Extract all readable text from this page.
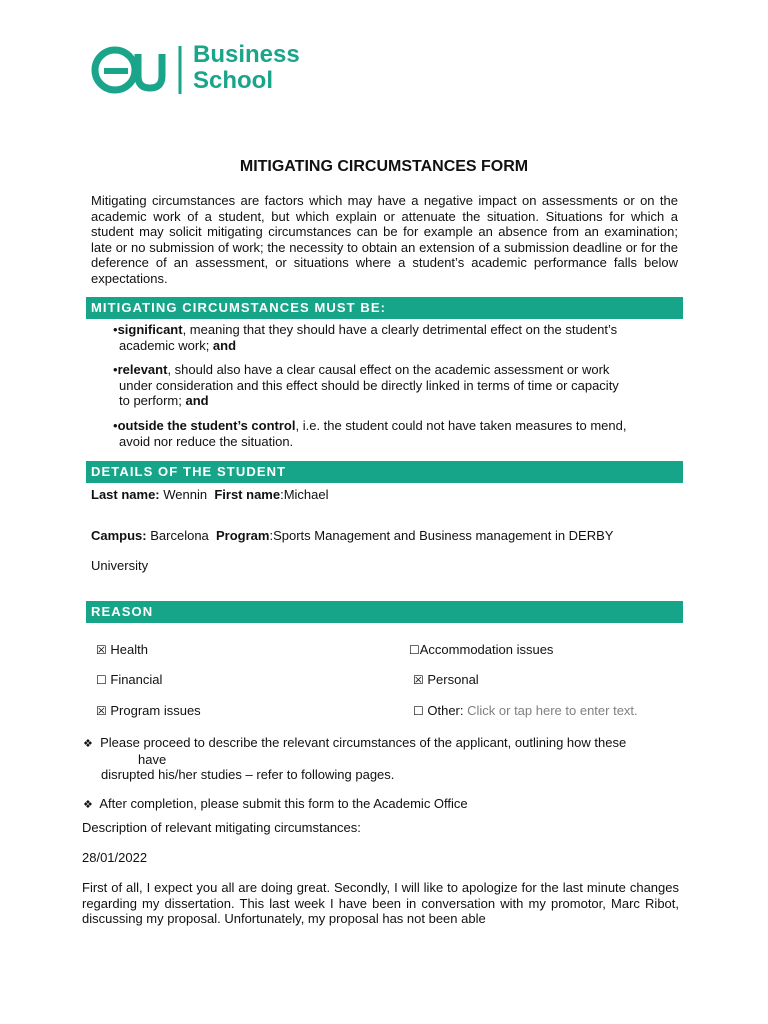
Business
School
MITIGATING CIRCUMSTANCES FORM
Mitigating circumstances are factors which may have a negative impact on assessments or on the academic work of a student, but which explain or attenuate the situation. Situations for which a student may solicit mitigating circumstances can be for example an absence from an examination; late or no submission of work; the necessity to obtain an extension of a submission deadline or for the deference of an assessment, or situations where a student’s academic performance falls below expectations.
MITIGATING CIRCUMSTANCES MUST BE:
•significant, meaning that they should have a clearly detrimental effect on the student’s
academic work; and
•relevant, should also have a clear causal effect on the academic assessment or work
under consideration and this effect should be directly linked in terms of time or capacity
to perform; and
•outside the student’s control, i.e. the student could not have taken measures to mend,
avoid nor reduce the situation.
DETAILS OF THE STUDENT
Last name: Wennin First name:Michael
Campus: Barcelona Program:Sports Management and Business management in DERBY
University
REASON
☒ Health	☐Accommodation issues
☐ Financial	☒ Personal
☒ Program issues	☐ Other: Click or tap here to enter text.
❖ Please proceed to describe the relevant circumstances of the applicant, outlining how these
have
disrupted his/her studies – refer to following pages.
❖ After completion, please submit this form to the Academic Office
Description of relevant mitigating circumstances:
28/01/2022
First of all, I expect you all are doing great. Secondly, I will like to apologize for the last minute changes regarding my dissertation. This last week I have been in conversation with my promotor, Marc Ribot, discussing my proposal. Unfortunately, my proposal has not been able
